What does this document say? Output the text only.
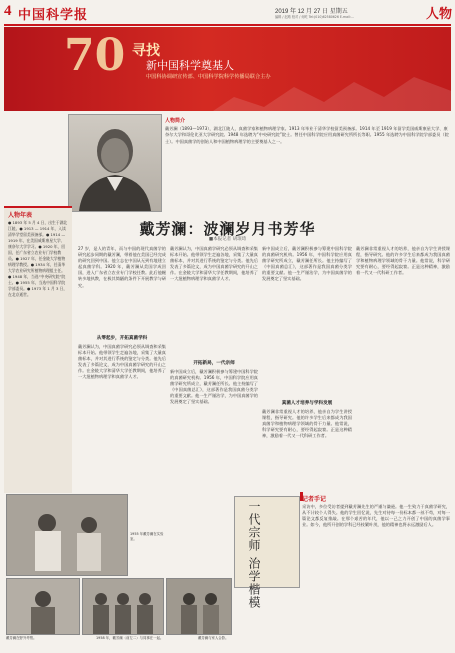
4 中国科学报	2019 年 12 月 27 日 星期五
编辑 / 赵路 校对 / 何屹 Tel:(010)62580626 E-mail:...	人物
70 寻找
新中国科学奠基人
中国科协调研宣传部、中国科学院科学传播局联合主办
人物简介
戴芳澜（1893—1973），湖北江陵人，真菌学家和植物病理学家。1913 年毕业于清华学校留美预备部。1914 年至 1919 年留学美国威斯康星大学、康奈尔大学和哥伦比亚大学研究院。1948 年选聘为“中央研究院”院士。曾任中国科学院应用真菌研究所所长等职。1955 年选聘为中国科学院学部委员（院士）。中国真菌学的创始人和中国植物病理学的主要奠基人之一。
戴芳澜：波澜岁月书芳华
■本报记者 胡珉琦
人物年表
● 1893 年 5 月 4 日，出生于湖北江陵。● 1913 — 1914 年，入读清华学堂留美预备部。● 1914 — 1919 年，在美国威斯康星大学、康奈尔大学学习。● 1920 年，回国，任广东省立农业专门学校教员。● 1927 年，任金陵大学植物病理学教授。● 1934 年，任清华大学农业研究所植物病理组主任。● 1948 年，当选“中央研究院”院士。● 1955 年，当选中国科学院学部委员。● 1973 年 1 月 3 日，在北京逝世。
27 岁，是人的青年，而与中国的现代真菌学的研究起步同期的戴芳澜，带着他在美国已经完成的研究回到中国。他立志在中国从无到有地建立起真菌学科。1920 年，戴芳澜从美国学成回国，进入广东省立农业专门学校任教。此后他辗转多地执教，在极其简陋的条件下开展教学与研究。
从零起步，开拓真菌学科
戴芳澜认为，中国真菌学研究必须从调查和采集标本开始。他带领学生走遍各地，采集了大量真菌标本，并对其进行系统的鉴定与分类。他先后发表了多篇论文，成为中国真菌学研究的开山之作。在金陵大学和清华大学任教期间，他培养了一大批植物病理学和真菌学人才。
戴芳澜认为，中国真菌学研究必须从调查和采集标本开始。他带领学生走遍各地，采集了大量真菌标本，并对其进行系统的鉴定与分类。他先后发表了多篇论文，成为中国真菌学研究的开山之作。在金陵大学和清华大学任教期间，他培养了一大批植物病理学和真菌学人才。
开拓新局，一代宗师
新中国成立后，戴芳澜积极参与筹建中国科学院的真菌研究机构。1956 年，中国科学院应用真菌学研究所成立，戴芳澜任所长。他主持编写了《中国真菌总汇》，这部著作是我国真菌分类学的重要文献。他一生严谨治学，为中国真菌学的发展奠定了坚实基础。
新中国成立后，戴芳澜积极参与筹建中国科学院的真菌研究机构。1956 年，中国科学院应用真菌学研究所成立，戴芳澜任所长。他主持编写了《中国真菌总汇》，这部著作是我国真菌分类学的重要文献。他一生严谨治学，为中国真菌学的发展奠定了坚实基础。
真菌人才培养与学科发展
戴芳澜非常重视人才的培养，他亲自为学生讲授课程，指导研究。他的许多学生后来都成为我国真菌学和植物病理学领域的骨干力量。他常说，科学研究要有耐心，要经得起寂寞。正是这种精神，激励着一代又一代科研工作者。
戴芳澜非常重视人才的培养，他亲自为学生讲授课程，指导研究。他的许多学生后来都成为我国真菌学和植物病理学领域的骨干力量。他常说，科学研究要有耐心，要经得起寂寞。正是这种精神，激励着一代又一代科研工作者。
1955 年戴芳澜在实验室。
戴芳澜在野外考察。	1958 年，戴芳澜（前左二）与同事在一起。	戴芳澜与家人合影。
一代宗师 治学楷模
记者手记
采访中，多位受访者提到戴芳澜先生的严谨与谦逊。他一生致力于真菌学研究，从不计较个人得失。他的学生回忆说，先生对待每一份标本都一丝不苟，对每一篇论文都反复推敲。在那个艰苦的年代，他以一己之力开创了中国的真菌学事业。如今，他所开创的学科已经枝繁叶茂，他的精神也将永远激励后人。
